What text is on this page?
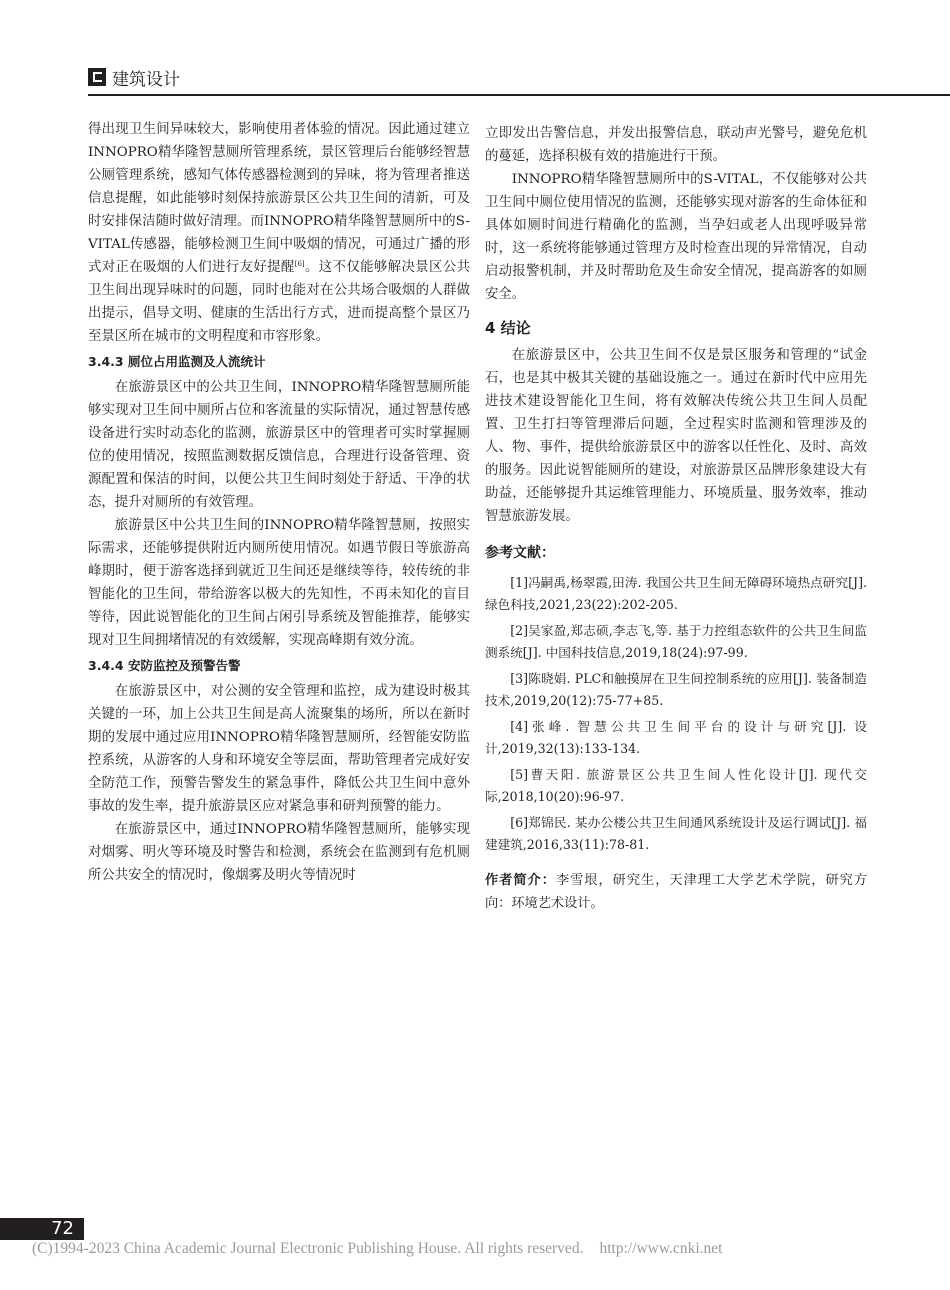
建筑设计

得出现卫生间异味较大，影响使用者体验的情况。因此通过建立INNOPRO精华隆智慧厕所管理系统，景区管理后台能够经智慧公厕管理系统，感知气体传感器检测到的异味，将为管理者推送信息提醒，如此能够时刻保持旅游景区公共卫生间的清新，可及时安排保洁随时做好清理。而INNOPRO精华隆智慧厕所中的S-VITAL传感器，能够检测卫生间中吸烟的情况，可通过广播的形式对正在吸烟的人们进行友好提醒[6]。这不仅能够解决景区公共卫生间出现异味时的问题，同时也能对在公共场合吸烟的人群做出提示，倡导文明、健康的生活出行方式，进而提高整个景区乃至景区所在城市的文明程度和市容形象。

3.4.3 厕位占用监测及人流统计

在旅游景区中的公共卫生间，INNOPRO精华隆智慧厕所能够实现对卫生间中厕所占位和客流量的实际情况，通过智慧传感设备进行实时动态化的监测，旅游景区中的管理者可实时掌握厕位的使用情况，按照监测数据反馈信息，合理进行设备管理、资源配置和保洁的时间，以便公共卫生间时刻处于舒适、干净的状态，提升对厕所的有效管理。

旅游景区中公共卫生间的INNOPRO精华隆智慧厕，按照实际需求，还能够提供附近内厕所使用情况。如遇节假日等旅游高峰期时，便于游客选择到就近卫生间还是继续等待，较传统的非智能化的卫生间，带给游客以极大的先知性，不再未知化的盲目等待，因此说智能化的卫生间占闲引导系统及智能推荐，能够实现对卫生间拥堵情况的有效缓解，实现高峰期有效分流。

3.4.4 安防监控及预警告警

在旅游景区中，对公测的安全管理和监控，成为建设时极其关键的一环，加上公共卫生间是高人流聚集的场所，所以在新时期的发展中通过应用INNOPRO精华隆智慧厕所，经智能安防监控系统，从游客的人身和环境安全等层面，帮助管理者完成好安全防范工作，预警告警发生的紧急事件，降低公共卫生间中意外事故的发生率，提升旅游景区应对紧急事和研判预警的能力。

在旅游景区中，通过INNOPRO精华隆智慧厕所，能够实现对烟雾、明火等环境及时警告和检测，系统会在监测到有危机厕所公共安全的情况时，像烟雾及明火等情况时

立即发出告警信息，并发出报警信息，联动声光警号，避免危机的蔓延，选择积极有效的措施进行干预。

INNOPRO精华隆智慧厕所中的S-VITAL，不仅能够对公共卫生间中厕位使用情况的监测，还能够实现对游客的生命体征和具体如厕时间进行精确化的监测，当孕妇或老人出现呼吸异常时，这一系统将能够通过管理方及时检查出现的异常情况，自动启动报警机制，并及时帮助危及生命安全情况，提高游客的如厕安全。

4 结论

在旅游景区中，公共卫生间不仅是景区服务和管理的“试金石，也是其中极其关键的基础设施之一。通过在新时代中应用先进技术建设智能化卫生间，将有效解决传统公共卫生间人员配置、卫生打扫等管理滞后问题，全过程实时监测和管理涉及的人、物、事件，提供给旅游景区中的游客以任性化、及时、高效的服务。因此说智能厕所的建设，对旅游景区品牌形象建设大有助益，还能够提升其运维管理能力、环境质量、服务效率，推动智慧旅游发展。

参考文献：

[1]冯嗣禹,杨翠霞,田涛. 我国公共卫生间无障碍环境热点研究[J]. 绿色科技,2021,23(22):202-205.

[2]吴家盈,郑志硕,李志飞,等. 基于力控组态软件的公共卫生间监测系统[J]. 中国科技信息,2019,18(24):97-99.

[3]陈晓娟. PLC和触摸屏在卫生间控制系统的应用[J]. 装备制造技术,2019,20(12):75-77+85.

[4]张峰. 智慧公共卫生间平台的设计与研究[J]. 设计,2019,32(13):133-134.

[5]曹天阳. 旅游景区公共卫生间人性化设计[J]. 现代交际,2018,10(20):96-97.

[6]郑锦民. 某办公楼公共卫生间通风系统设计及运行调试[J]. 福建建筑,2016,33(11):78-81.

作者简介：李雪垠，研究生，天津理工大学艺术学院，研究方向：环境艺术设计。

72
(C)1994-2023 China Academic Journal Electronic Publishing House. All rights reserved. http://www.cnki.net
